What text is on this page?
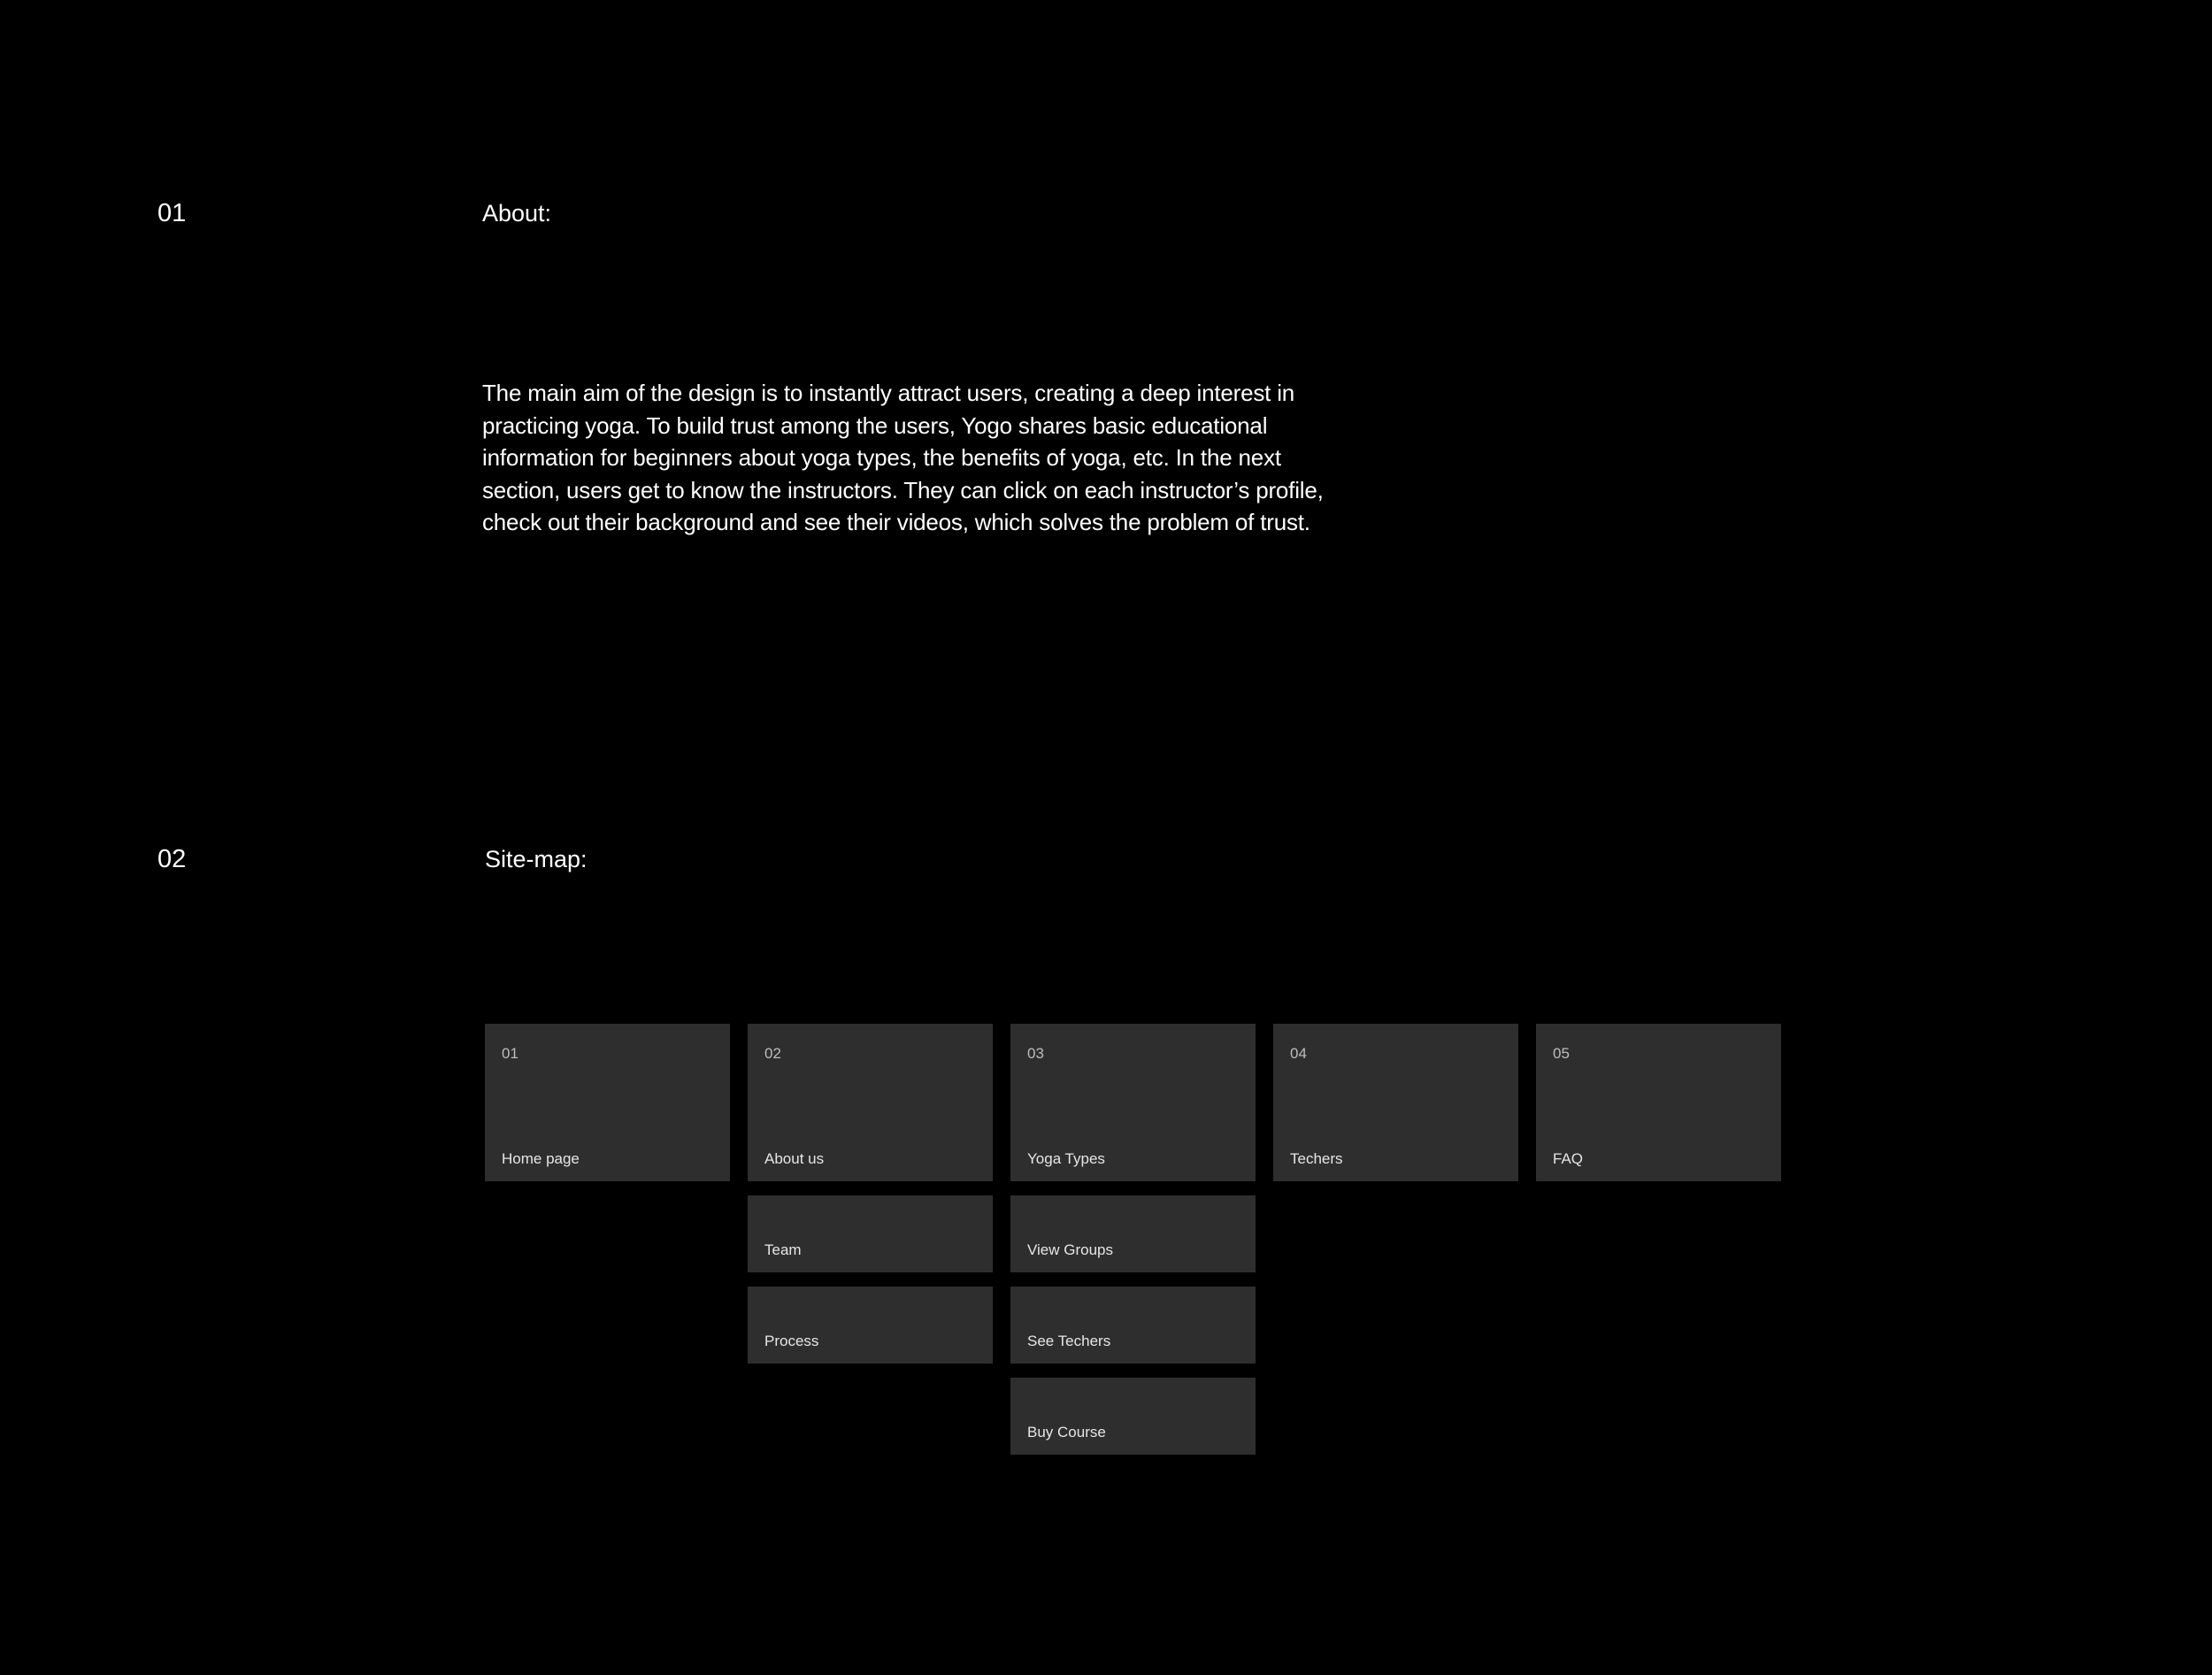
01	About:
The main aim of the design is to instantly attract users, creating a deep interest in
practicing yoga. To build trust among the users, Yogo shares basic educational
information for beginners about yoga types, the benefits of yoga, etc. In the next
section, users get to know the instructors. They can click on each instructor’s profile,
check out their background and see their videos, which solves the problem of trust.
02	Site-map:
01
Home page
02
About us
Team
Process
03
Yoga Types
View Groups
See Techers
Buy Course
04
Techers
05
FAQ
